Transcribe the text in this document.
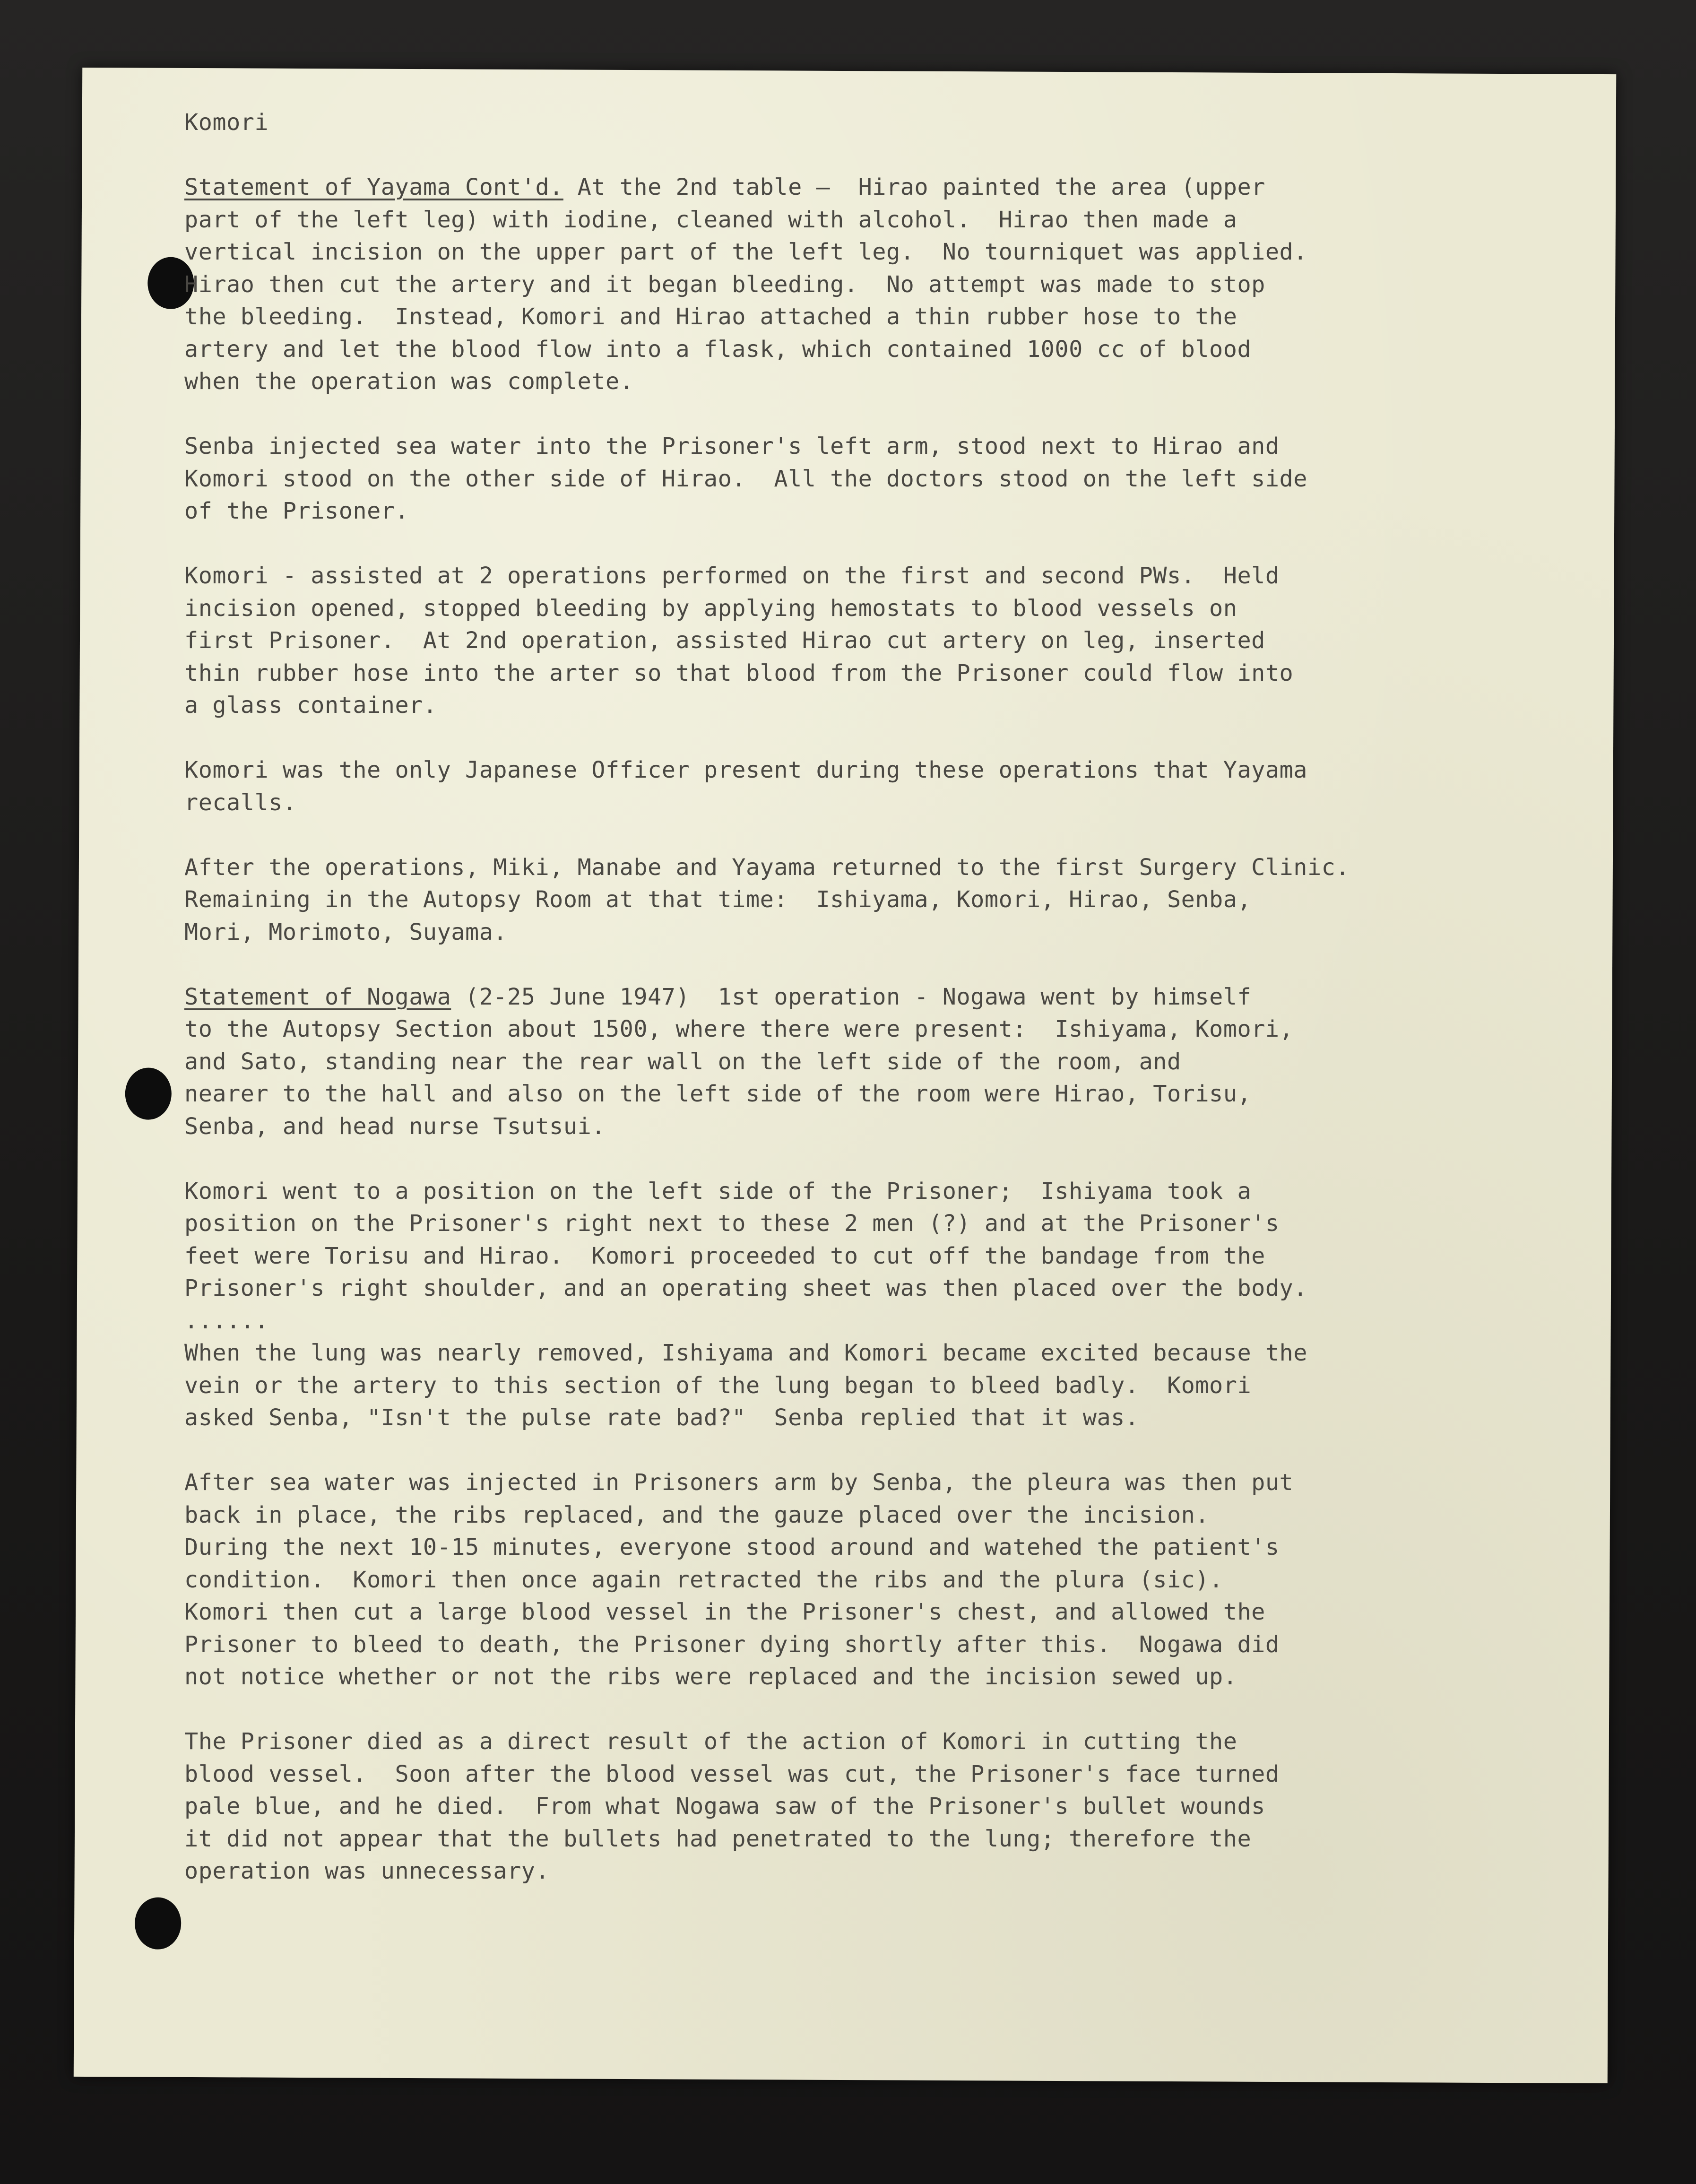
Komori
Statement of Yayama Cont'd. At the 2nd table –  Hirao painted the area (upper
part of the left leg) with iodine, cleaned with alcohol.  Hirao then made a
vertical incision on the upper part of the left leg.  No tourniquet was applied.
Hirao then cut the artery and it began bleeding.  No attempt was made to stop
the bleeding.  Instead, Komori and Hirao attached a thin rubber hose to the
artery and let the blood flow into a flask, which contained 1000 cc of blood
when the operation was complete.
Senba injected sea water into the Prisoner's left arm, stood next to Hirao and
Komori stood on the other side of Hirao.  All the doctors stood on the left side
of the Prisoner.
Komori - assisted at 2 operations performed on the first and second PWs.  Held
incision opened, stopped bleeding by applying hemostats to blood vessels on
first Prisoner.  At 2nd operation, assisted Hirao cut artery on leg, inserted
thin rubber hose into the arter so that blood from the Prisoner could flow into
a glass container.
Komori was the only Japanese Officer present during these operations that Yayama
recalls.
After the operations, Miki, Manabe and Yayama returned to the first Surgery Clinic.
Remaining in the Autopsy Room at that time:  Ishiyama, Komori, Hirao, Senba,
Mori, Morimoto, Suyama.
Statement of Nogawa (2-25 June 1947)  1st operation - Nogawa went by himself
to the Autopsy Section about 1500, where there were present:  Ishiyama, Komori,
and Sato, standing near the rear wall on the left side of the room, and
nearer to the hall and also on the left side of the room were Hirao, Torisu,
Senba, and head nurse Tsutsui.
Komori went to a position on the left side of the Prisoner;  Ishiyama took a
position on the Prisoner's right next to these 2 men (?) and at the Prisoner's
feet were Torisu and Hirao.  Komori proceeded to cut off the bandage from the
Prisoner's right shoulder, and an operating sheet was then placed over the body.
......
When the lung was nearly removed, Ishiyama and Komori became excited because the
vein or the artery to this section of the lung began to bleed badly.  Komori
asked Senba, "Isn't the pulse rate bad?"  Senba replied that it was.
After sea water was injected in Prisoners arm by Senba, the pleura was then put
back in place, the ribs replaced, and the gauze placed over the incision.
During the next 10-15 minutes, everyone stood around and watehed the patient's
condition.  Komori then once again retracted the ribs and the plura (sic).
Komori then cut a large blood vessel in the Prisoner's chest, and allowed the
Prisoner to bleed to death, the Prisoner dying shortly after this.  Nogawa did
not notice whether or not the ribs were replaced and the incision sewed up.
The Prisoner died as a direct result of the action of Komori in cutting the
blood vessel.  Soon after the blood vessel was cut, the Prisoner's face turned
pale blue, and he died.  From what Nogawa saw of the Prisoner's bullet wounds
it did not appear that the bullets had penetrated to the lung; therefore the
operation was unnecessary.
